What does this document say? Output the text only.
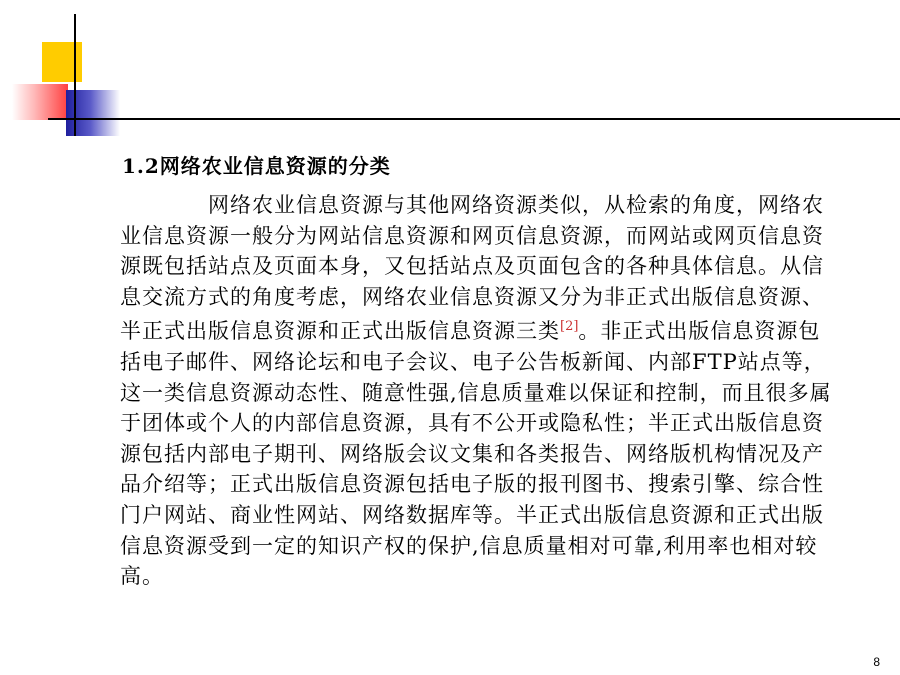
1.2网络农业信息资源的分类

网络农业信息资源与其他网络资源类似，从检索的角度，网络农业信息资源一般分为网站信息资源和网页信息资源，而网站或网页信息资源既包括站点及页面本身，又包括站点及页面包含的各种具体信息。从信息交流方式的角度考虑，网络农业信息资源又分为非正式出版信息资源、半正式出版信息资源和正式出版信息资源三类[2]。非正式出版信息资源包括电子邮件、网络论坛和电子会议、电子公告板新闻、内部FTP站点等，这一类信息资源动态性、随意性强,信息质量难以保证和控制，而且很多属于团体或个人的内部信息资源，具有不公开或隐私性；半正式出版信息资源包括内部电子期刊、网络版会议文集和各类报告、网络版机构情况及产品介绍等；正式出版信息资源包括电子版的报刊图书、搜索引擎、综合性门户网站、商业性网站、网络数据库等。半正式出版信息资源和正式出版信息资源受到一定的知识产权的保护,信息质量相对可靠,利用率也相对较高。

8
